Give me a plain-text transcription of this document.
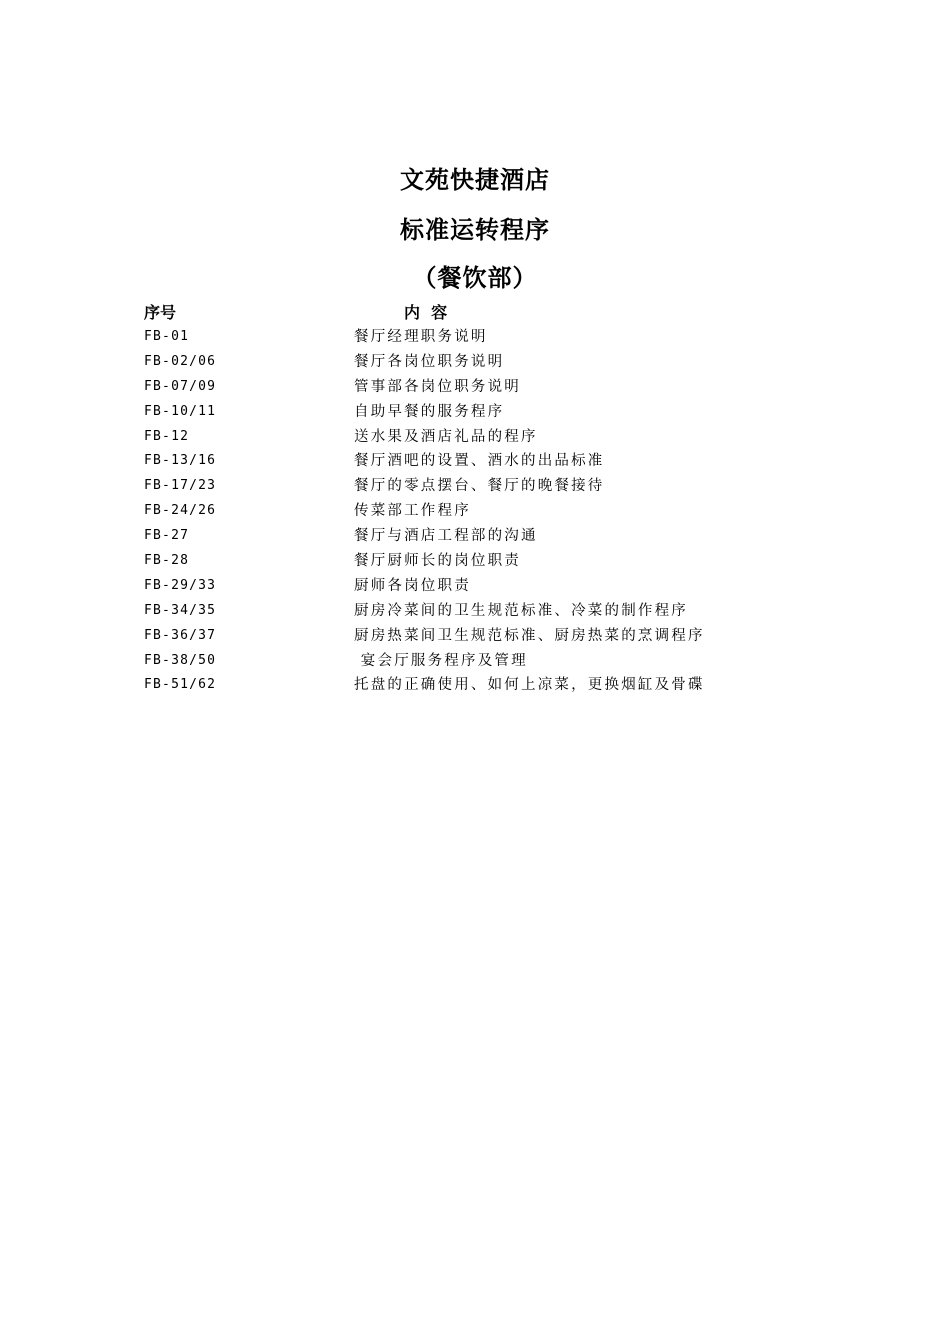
文苑快捷酒店
标准运转程序
（餐饮部）
序号	内  容
FB-01	餐厅经理职务说明
FB-02/06	餐厅各岗位职务说明
FB-07/09	管事部各岗位职务说明
FB-10/11	自助早餐的服务程序
FB-12	送水果及酒店礼品的程序
FB-13/16	餐厅酒吧的设置、酒水的出品标准
FB-17/23	餐厅的零点摆台、餐厅的晚餐接待
FB-24/26	传菜部工作程序
FB-27	餐厅与酒店工程部的沟通
FB-28	餐厅厨师长的岗位职责
FB-29/33	厨师各岗位职责
FB-34/35	厨房冷菜间的卫生规范标准、冷菜的制作程序
FB-36/37	厨房热菜间卫生规范标准、厨房热菜的烹调程序
FB-38/50	宴会厅服务程序及管理
FB-51/62	托盘的正确使用、如何上凉菜，更换烟缸及骨碟
